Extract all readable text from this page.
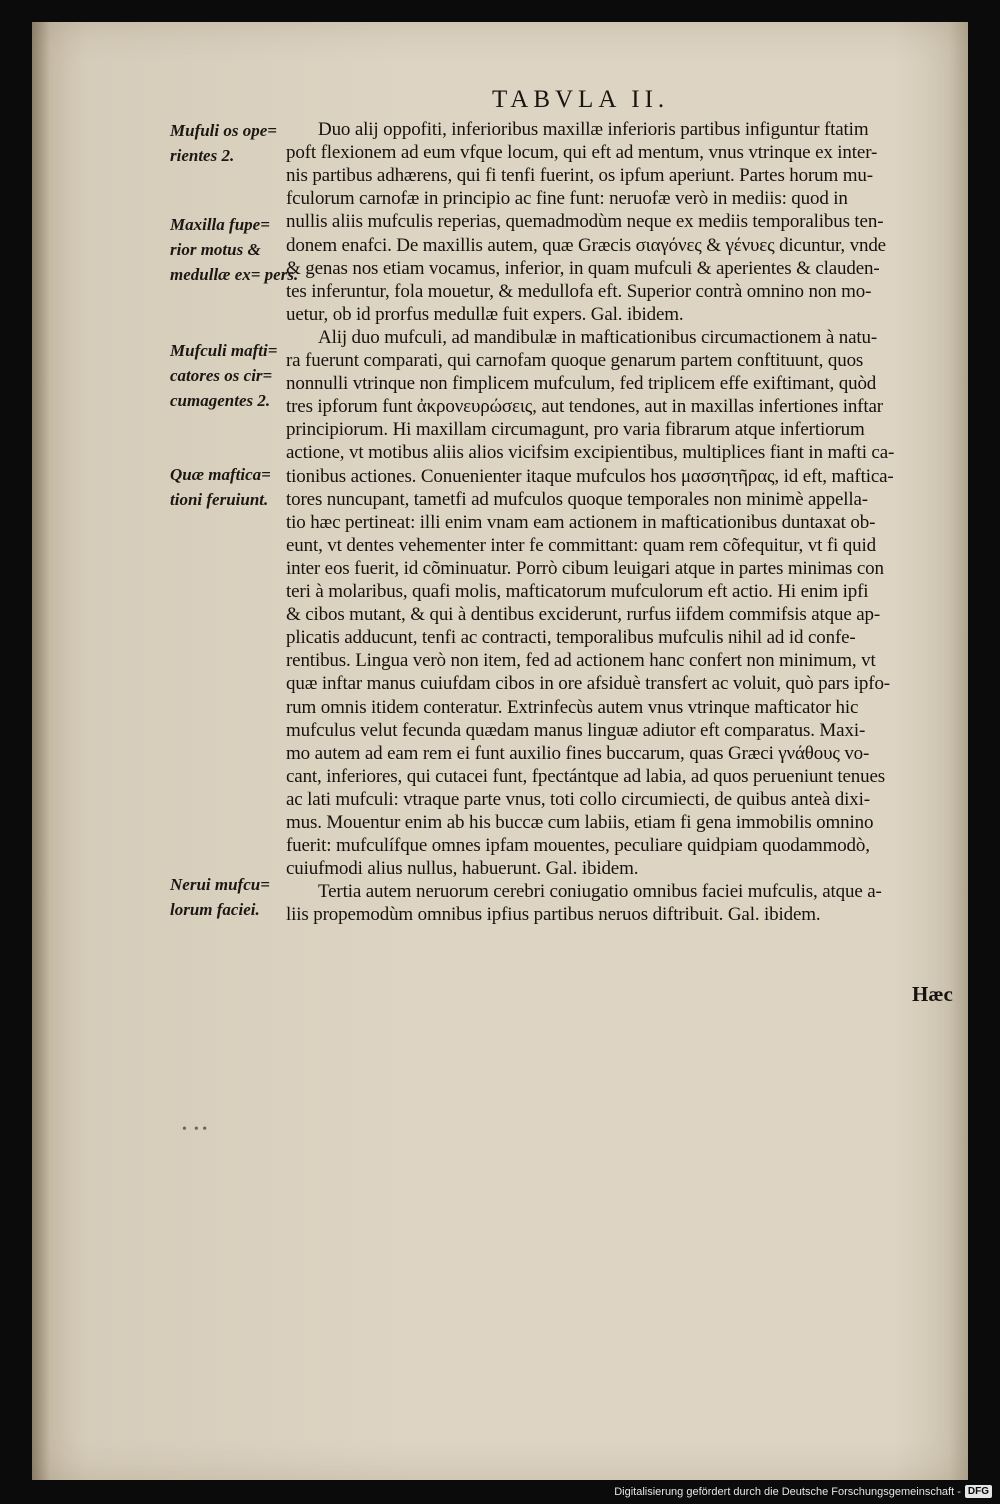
TABVLA II.
Mufuli os ope= rientes 2.
Maxilla fupe= rior motus & medullæ ex= pers.
Mufculi mafti= catores os cir= cumagentes 2.
Quæ maftica= tioni feruiunt.
Nerui mufcu= lorum faciei.
Duo alij oppofiti, inferioribus maxillæ inferioris partibus infiguntur ftatim
poft flexionem ad eum vfque locum, qui eft ad mentum, vnus vtrinque ex inter-
nis partibus adhærens, qui fi tenfi fuerint, os ipfum aperiunt. Partes horum mu-
fculorum carnofæ in principio ac fine funt: neruofæ verò in mediis: quod in
nullis aliis mufculis reperias, quemadmodùm neque ex mediis temporalibus ten-
donem enafci. De maxillis autem, quæ Græcis σιαγόνες & γένυες dicuntur, vnde
& genas nos etiam vocamus, inferior, in quam mufculi & aperientes & clauden-
tes inferuntur, fola mouetur, & medullofa eft. Superior contrà omnino non mo-
uetur, ob id prorfus medullæ fuit expers. Gal. ibidem.
Alij duo mufculi, ad mandibulæ in mafticationibus circumactionem à natu-
ra fuerunt comparati, qui carnofam quoque genarum partem conftituunt, quos
nonnulli vtrinque non fimplicem mufculum, fed triplicem effe exiftimant, quòd
tres ipforum funt ἀκρονευρώσεις, aut tendones, aut in maxillas infertiones inftar
principiorum. Hi maxillam circumagunt, pro varia fibrarum atque infertiorum
actione, vt motibus aliis alios vicifsim excipientibus, multiplices fiant in mafti ca-
tionibus actiones. Conuenienter itaque mufculos hos μασσητῆρας, id eft, maftica-
tores nuncupant, tametfi ad mufculos quoque temporales non minimè appella-
tio hæc pertineat: illi enim vnam eam actionem in mafticationibus duntaxat ob-
eunt, vt dentes vehementer inter fe committant: quam rem cõfequitur, vt fi quid
inter eos fuerit, id cõminuatur. Porrò cibum leuigari atque in partes minimas con
teri à molaribus, quafi molis, mafticatorum mufculorum eft actio. Hi enim ipfi
& cibos mutant, & qui à dentibus exciderunt, rurfus iifdem commifsis atque ap-
plicatis adducunt, tenfi ac contracti, temporalibus mufculis nihil ad id confe-
rentibus. Lingua verò non item, fed ad actionem hanc confert non minimum, vt
quæ inftar manus cuiufdam cibos in ore afsiduè transfert ac voluit, quò pars ipfo-
rum omnis itidem conteratur. Extrinfecùs autem vnus vtrinque mafticator hic
mufculus velut fecunda quædam manus linguæ adiutor eft comparatus. Maxi-
mo autem ad eam rem ei funt auxilio fines buccarum, quas Græci γνάθους vo-
cant, inferiores, qui cutacei funt, fpectántque ad labia, ad quos perueniunt tenues
ac lati mufculi: vtraque parte vnus, toti collo circumiecti, de quibus anteà dixi-
mus. Mouentur enim ab his buccæ cum labiis, etiam fi gena immobilis omnino
fuerit: mufculífque omnes ipfam mouentes, peculiare quidpiam quodammodò,
cuiufmodi alius nullus, habuerunt. Gal. ibidem.
Tertia autem neruorum cerebri coniugatio omnibus faciei mufculis, atque a-
liis propemodùm omnibus ipfius partibus neruos diftribuit. Gal. ibidem.
Hæc
•  • •
Digitalisierung gefördert durch die Deutsche Forschungsgemeinschaft - DFG
